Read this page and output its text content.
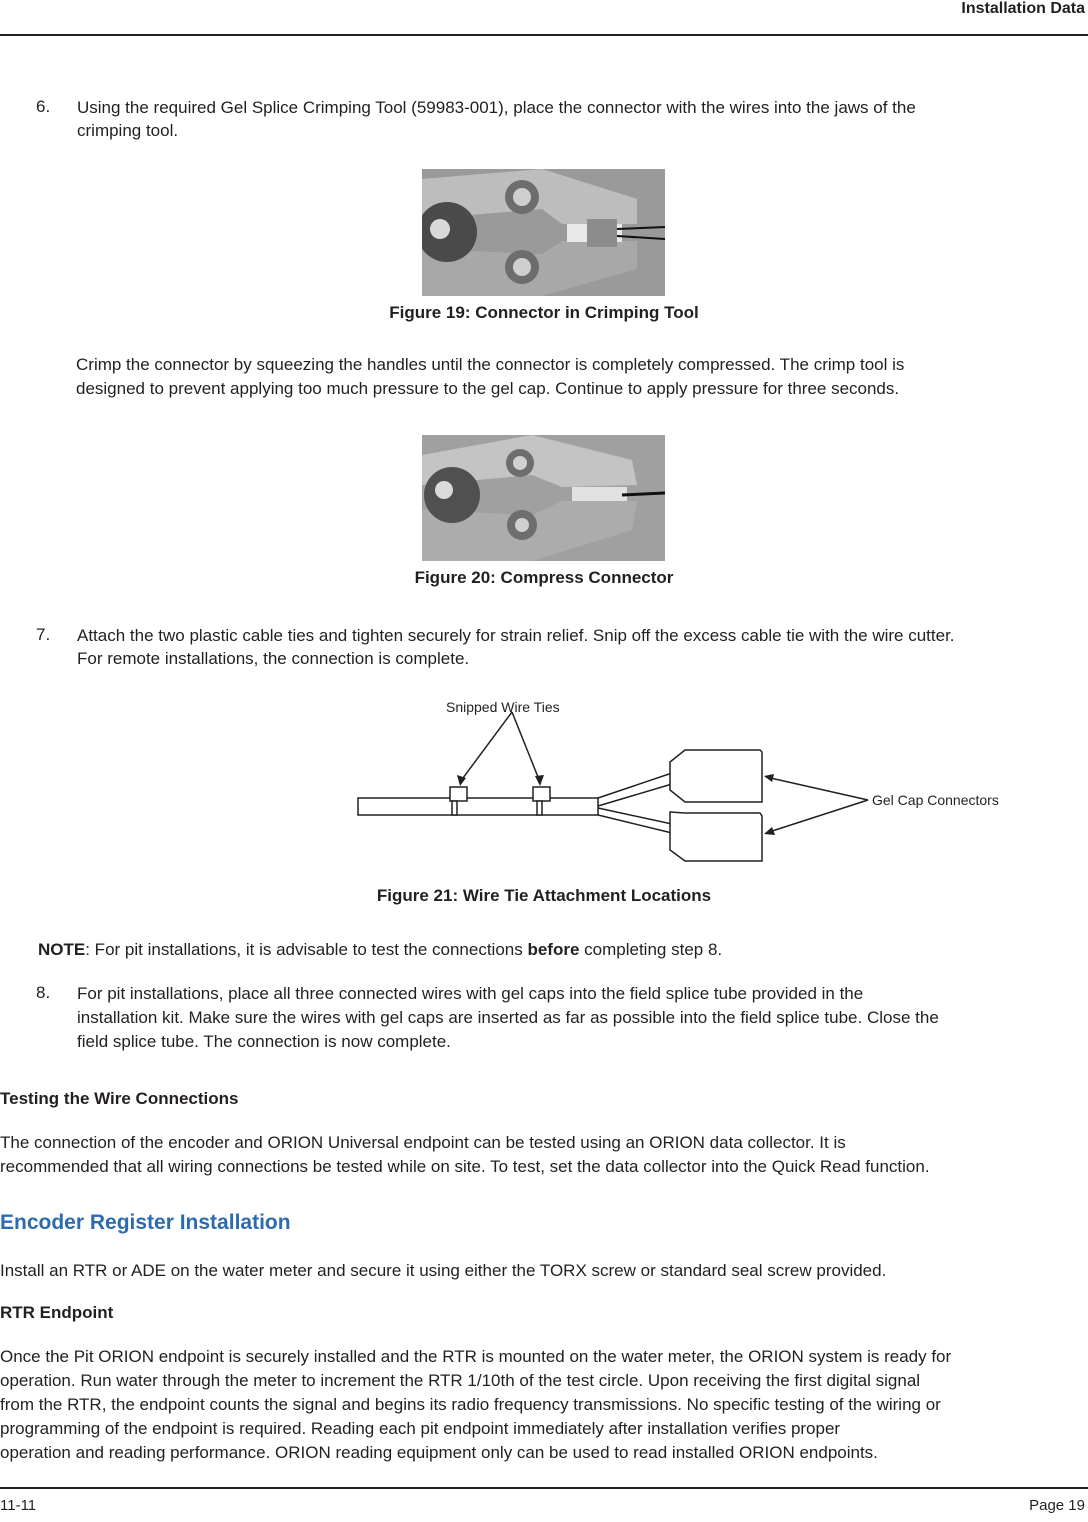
Installation Data
6. Using the required Gel Splice Crimping Tool (59983-001), place the connector with the wires into the jaws of the
crimping tool.
Figure 19: Connector in Crimping Tool
Crimp the connector by squeezing the handles until the connector is completely compressed. The crimp tool is
designed to prevent applying too much pressure to the gel cap. Continue to apply pressure for three seconds.
Figure 20: Compress Connector
7. Attach the two plastic cable ties and tighten securely for strain relief. Snip off the excess cable tie with the wire cutter.
For remote installations, the connection is complete.
Snipped Wire Ties
Gel Cap Connectors
Figure 21: Wire Tie Attachment Locations
NOTE: For pit installations, it is advisable to test the connections before completing step 8.
8. For pit installations, place all three connected wires with gel caps into the field splice tube provided in the
installation kit. Make sure the wires with gel caps are inserted as far as possible into the field splice tube. Close the
field splice tube. The connection is now complete.
Testing the Wire Connections
The connection of the encoder and ORION Universal endpoint can be tested using an ORION data collector. It is
recommended that all wiring connections be tested while on site. To test, set the data collector into the Quick Read function.
Encoder Register Installation
Install an RTR or ADE on the water meter and secure it using either the TORX screw or standard seal screw provided.
RTR Endpoint
Once the Pit ORION endpoint is securely installed and the RTR is mounted on the water meter, the ORION system is ready for
operation. Run water through the meter to increment the RTR 1/10th of the test circle. Upon receiving the first digital signal
from the RTR, the endpoint counts the signal and begins its radio frequency transmissions. No specific testing of the wiring or
programming of the endpoint is required. Reading each pit endpoint immediately after installation verifies proper
operation and reading performance. ORION reading equipment only can be used to read installed ORION endpoints.
11-11	Page 19
